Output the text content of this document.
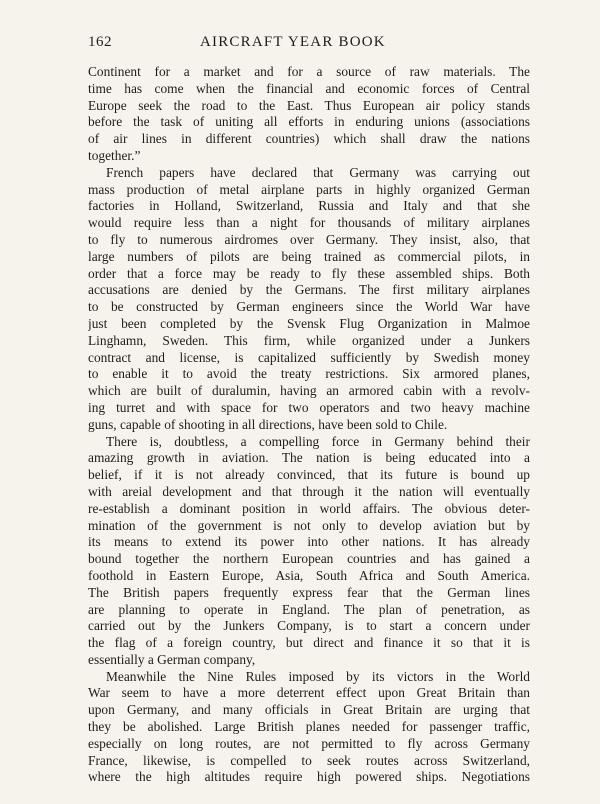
162	AIRCRAFT YEAR BOOK
Continent for a market and for a source of raw materials. The
time has come when the financial and economic forces of Central
Europe seek the road to the East. Thus European air policy stands
before the task of uniting all efforts in enduring unions (associations
of air lines in different countries) which shall draw the nations
together.”
French papers have declared that Germany was carrying out
mass production of metal airplane parts in highly organized German
factories in Holland, Switzerland, Russia and Italy and that she
would require less than a night for thousands of military airplanes
to fly to numerous airdromes over Germany. They insist, also, that
large numbers of pilots are being trained as commercial pilots, in
order that a force may be ready to fly these assembled ships. Both
accusations are denied by the Germans. The first military airplanes
to be constructed by German engineers since the World War have
just been completed by the Svensk Flug Organization in Malmoe
Linghamn, Sweden. This firm, while organized under a Junkers
contract and license, is capitalized sufficiently by Swedish money
to enable it to avoid the treaty restrictions. Six armored planes,
which are built of duralumin, having an armored cabin with a revolv-
ing turret and with space for two operators and two heavy machine
guns, capable of shooting in all directions, have been sold to Chile.
There is, doubtless, a compelling force in Germany behind their
amazing growth in aviation. The nation is being educated into a
belief, if it is not already convinced, that its future is bound up
with areial development and that through it the nation will eventually
re-establish a dominant position in world affairs. The obvious deter-
mination of the government is not only to develop aviation but by
its means to extend its power into other nations. It has already
bound together the northern European countries and has gained a
foothold in Eastern Europe, Asia, South Africa and South America.
The British papers frequently express fear that the German lines
are planning to operate in England. The plan of penetration, as
carried out by the Junkers Company, is to start a concern under
the flag of a foreign country, but direct and finance it so that it is
essentially a German company,
Meanwhile the Nine Rules imposed by its victors in the World
War seem to have a more deterrent effect upon Great Britain than
upon Germany, and many officials in Great Britain are urging that
they be abolished. Large British planes needed for passenger traffic,
especially on long routes, are not permitted to fly across Germany
France, likewise, is compelled to seek routes across Switzerland,
where the high altitudes require high powered ships. Negotiations
